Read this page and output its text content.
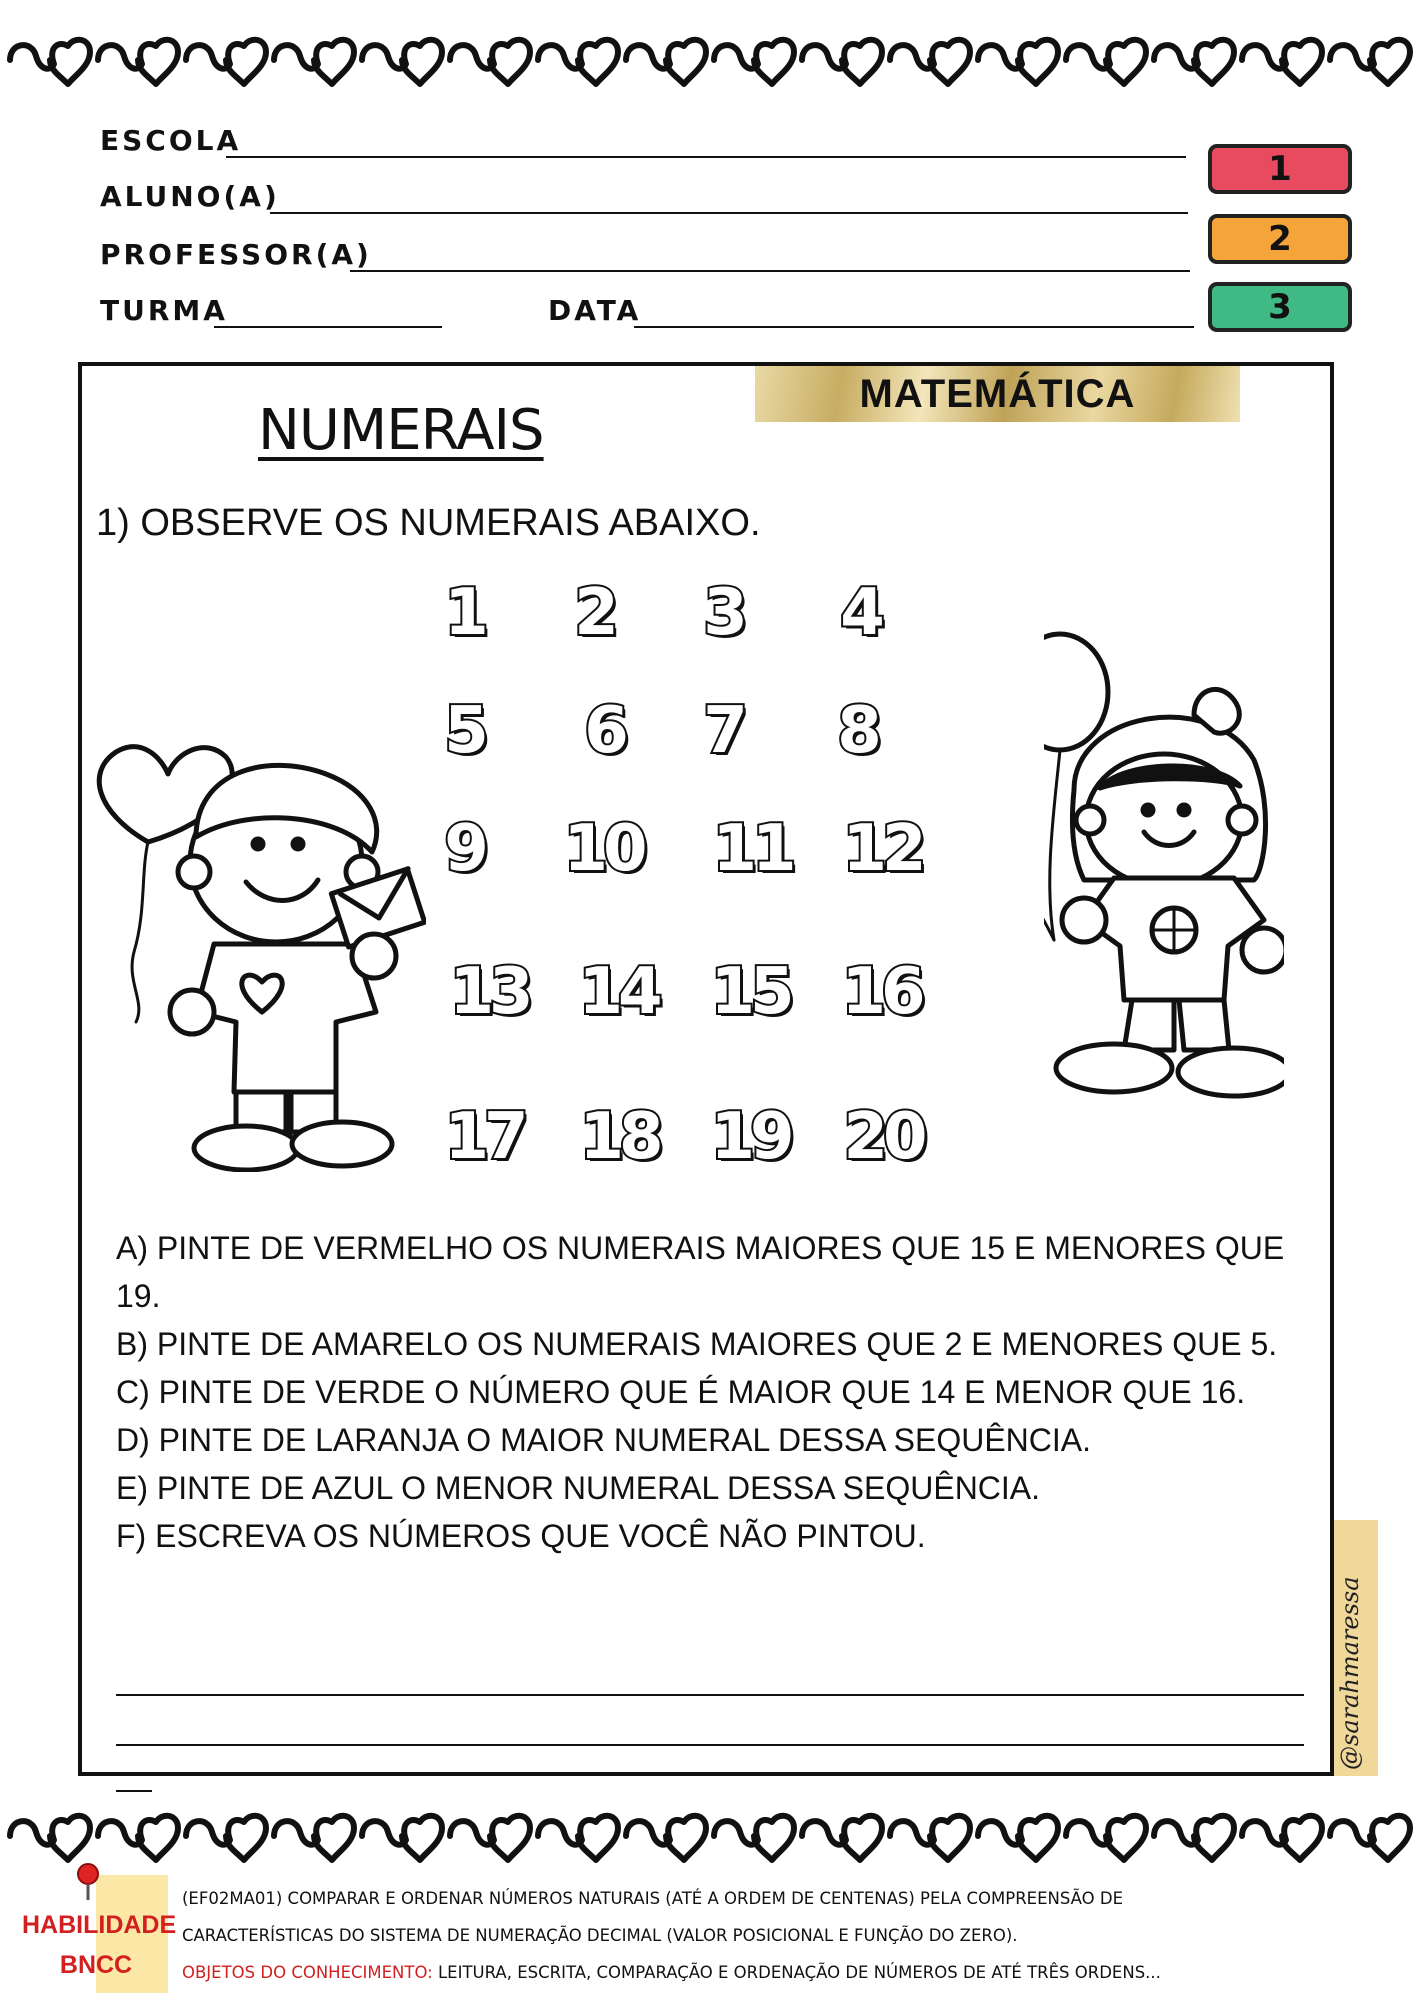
ESCOLA
ALUNO(A)
PROFESSOR(A)
TURMA	DATA
1
2
3
MATEMÁTICA
NUMERAIS
1) OBSERVE OS NUMERAIS ABAIXO.
1	2	3	4
5	6	7	8
9	10 11 12
13 14 15 16
17 18 19 20
A) PINTE DE VERMELHO OS NUMERAIS MAIORES QUE 15 E MENORES QUE 19.
B) PINTE DE AMARELO OS NUMERAIS MAIORES QUE 2 E MENORES QUE 5.
C) PINTE DE VERDE O NÚMERO QUE É MAIOR QUE 14 E MENOR QUE 16.
D) PINTE DE LARANJA O MAIOR NUMERAL DESSA SEQUÊNCIA.
E) PINTE DE AZUL O MENOR NUMERAL DESSA SEQUÊNCIA.
F) ESCREVA OS NÚMEROS QUE VOCÊ NÃO PINTOU.
@sarahmaressa
HABILIDADE
BNCC
(EF02MA01) COMPARAR E ORDENAR NÚMEROS NATURAIS (ATÉ A ORDEM DE CENTENAS) PELA COMPREENSÃO DE
CARACTERÍSTICAS DO SISTEMA DE NUMERAÇÃO DECIMAL (VALOR POSICIONAL E FUNÇÃO DO ZERO).
OBJETOS DO CONHECIMENTO: LEITURA, ESCRITA, COMPARAÇÃO E ORDENAÇÃO DE NÚMEROS DE ATÉ TRÊS ORDENS...
